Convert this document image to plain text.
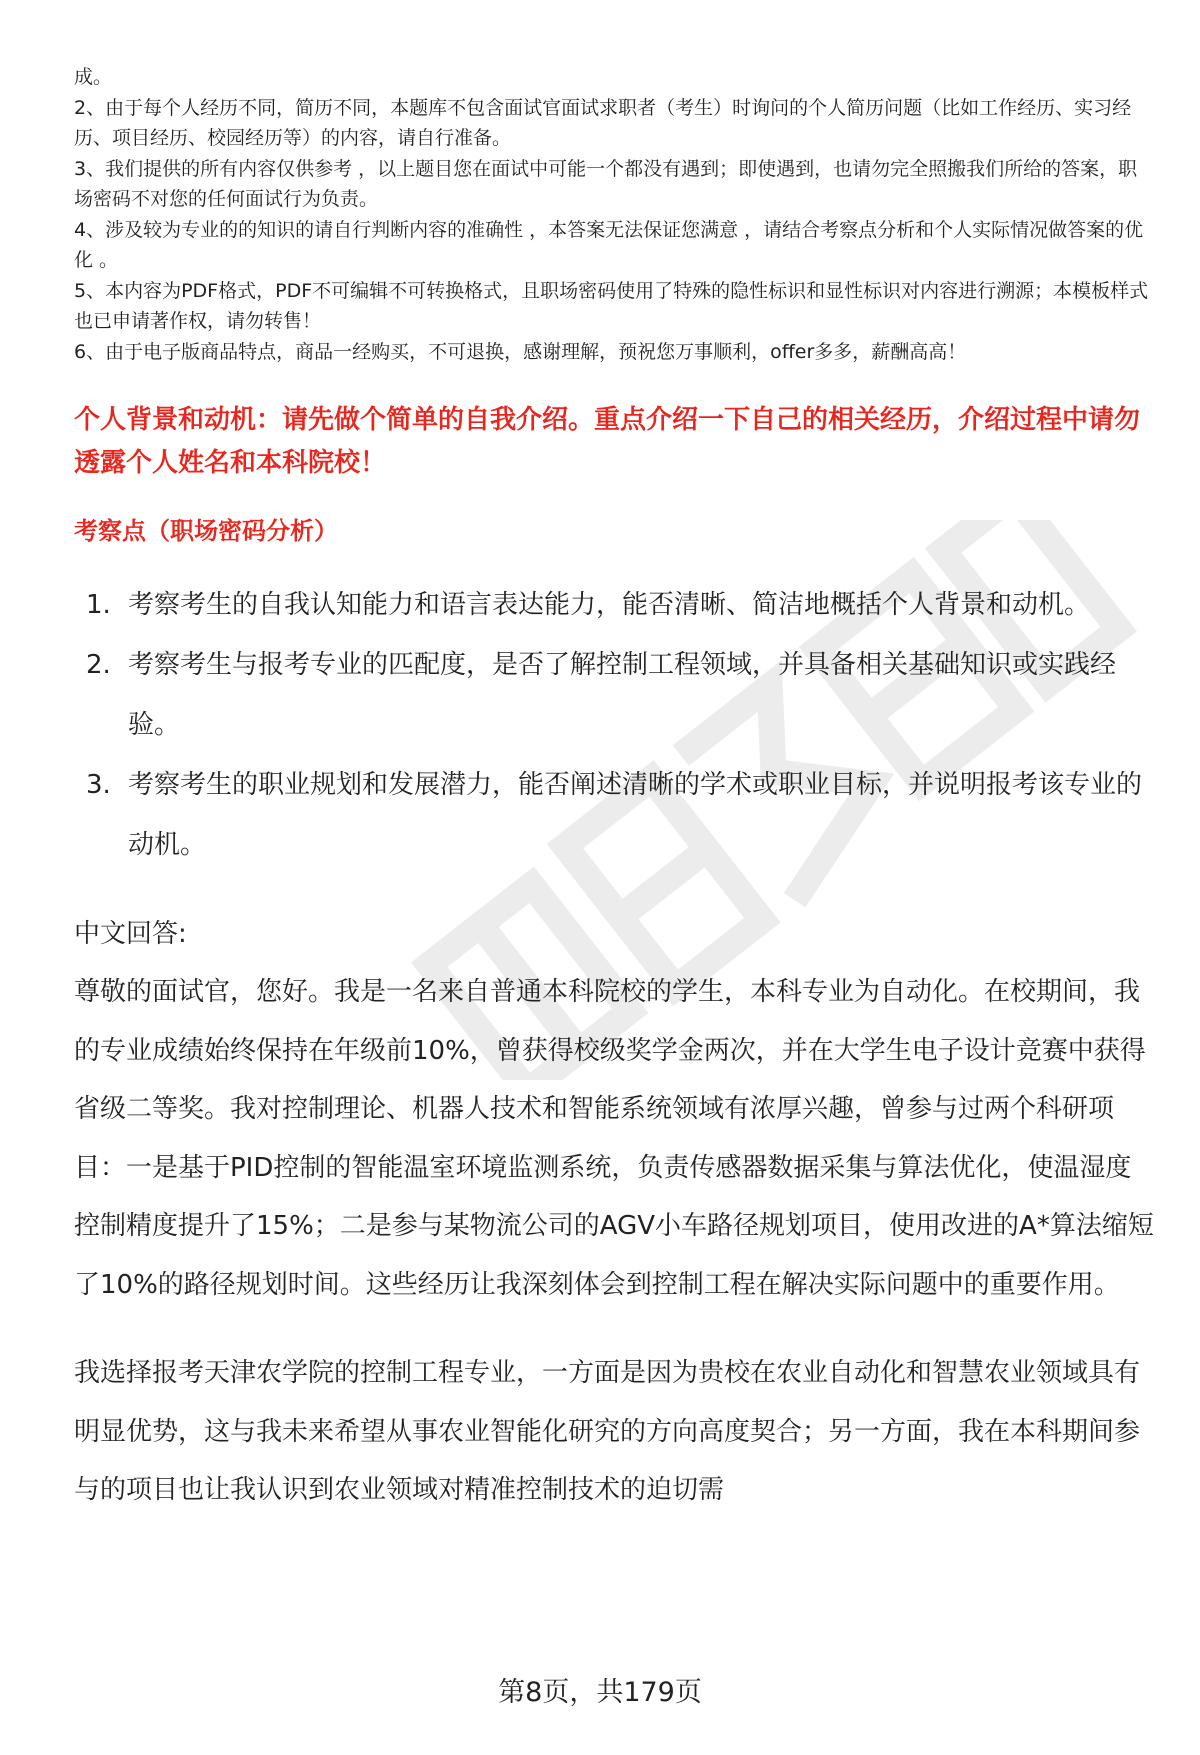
成。

2、由于每个人经历不同，简历不同，本题库不包含面试官面试求职者（考生）时询问的个人简历问题（比如工作经历、实习经历、项目经历、校园经历等）的内容，请自行准备。

3、我们提供的所有内容仅供参考 ，以上题目您在面试中可能一个都没有遇到；即使遇到，也请勿完全照搬我们所给的答案，职场密码不对您的任何面试行为负责。

4、涉及较为专业的的知识的请自行判断内容的准确性 ，本答案无法保证您满意 ，请结合考察点分析和个人实际情况做答案的优化 。

5、本内容为PDF格式，PDF不可编辑不可转换格式，且职场密码使用了特殊的隐性标识和显性标识对内容进行溯源；本模板样式也已申请著作权，请勿转售！

6、由于电子版商品特点，商品一经购买，不可退换，感谢理解，预祝您万事顺利，offer多多，薪酬高高！

个人背景和动机：请先做个简单的自我介绍。重点介绍一下自己的相关经历，介绍过程中请勿透露个人姓名和本科院校！
考察点（职场密码分析）
1. 考察考生的自我认知能力和语言表达能力，能否清晰、简洁地概括个人背景和动机。
2. 考察考生与报考专业的匹配度，是否了解控制工程领域，并具备相关基础知识或实践经验。
3. 考察考生的职业规划和发展潜力，能否阐述清晰的学术或职业目标，并说明报考该专业的动机。
中文回答:

尊敬的面试官，您好。我是一名来自普通本科院校的学生，本科专业为自动化。在校期间，我的专业成绩始终保持在年级前10%，曾获得校级奖学金两次，并在大学生电子设计竞赛中获得省级二等奖。我对控制理论、机器人技术和智能系统领域有浓厚兴趣，曾参与过两个科研项目：一是基于PID控制的智能温室环境监测系统，负责传感器数据采集与算法优化，使温湿度控制精度提升了15%；二是参与某物流公司的AGV小车路径规划项目，使用改进的A*算法缩短了10%的路径规划时间。这些经历让我深刻体会到控制工程在解决实际问题中的重要作用。

我选择报考天津农学院的控制工程专业，一方面是因为贵校在农业自动化和智慧农业领域具有明显优势，这与我未来希望从事农业智能化研究的方向高度契合；另一方面，我在本科期间参与的项目也让我认识到农业领域对精准控制技术的迫切需

第8页，共179页
